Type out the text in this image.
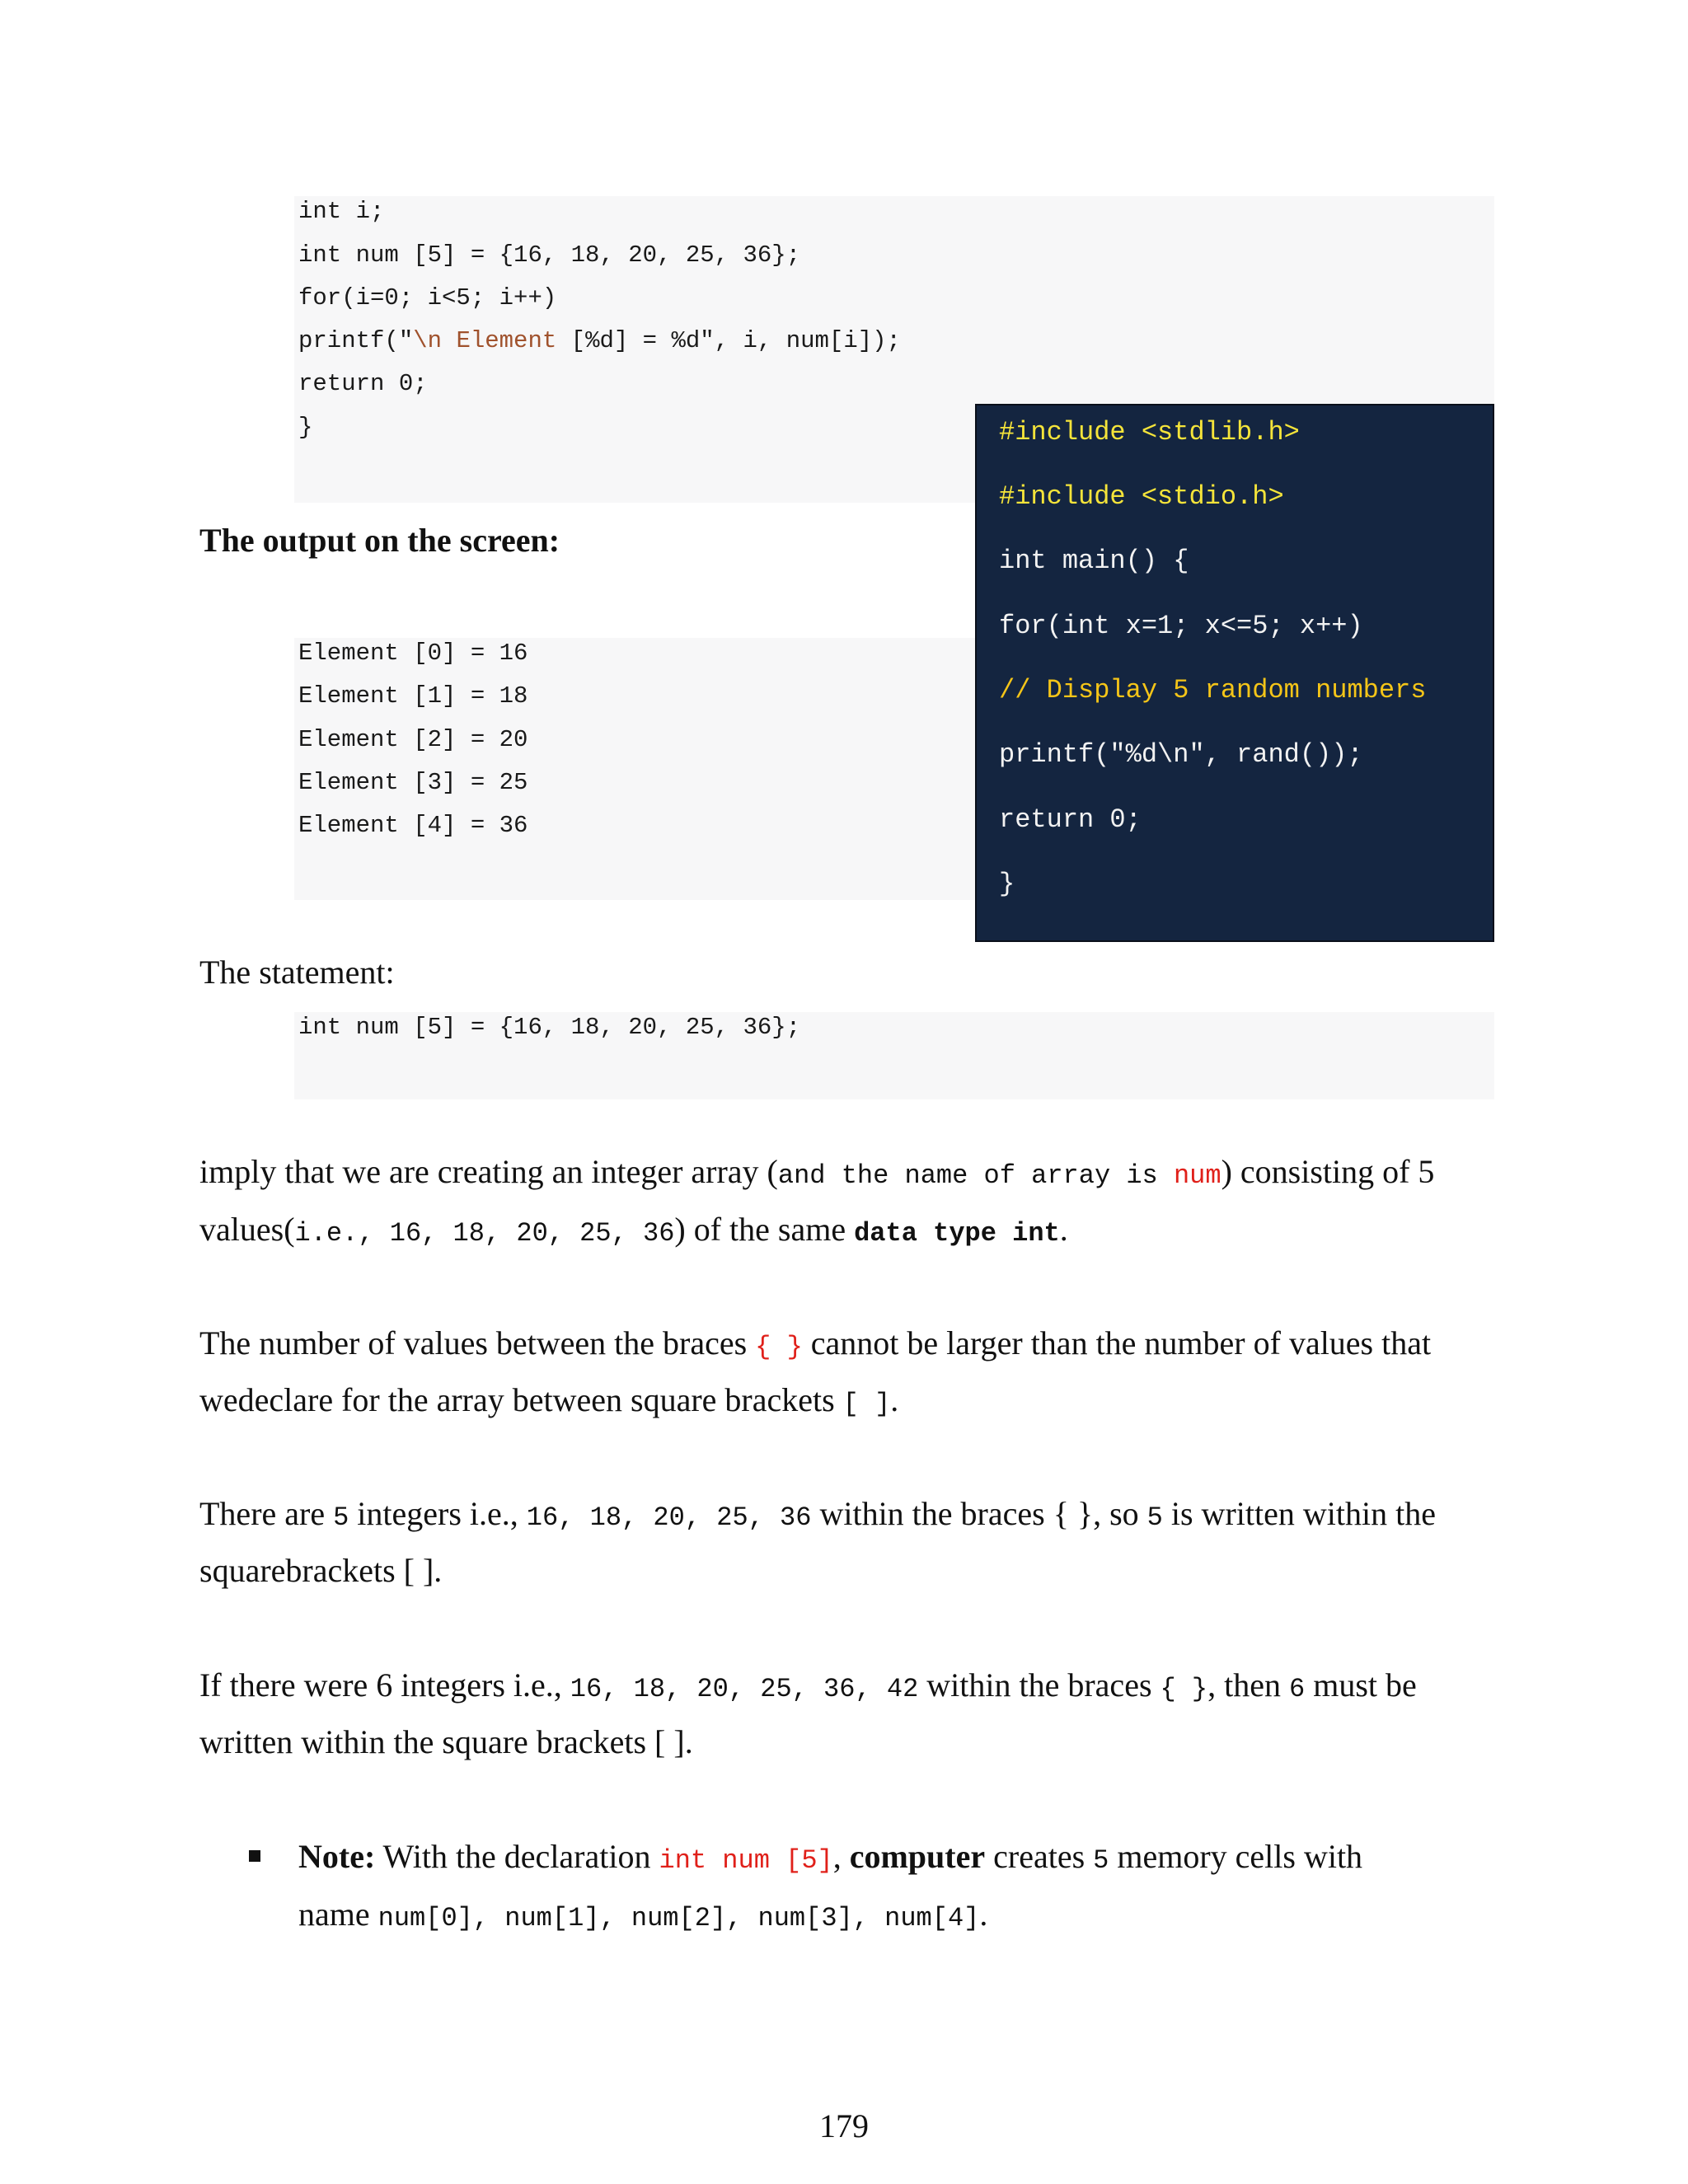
int i;
int num [5] = {16, 18, 20, 25, 36};
for(i=0; i<5; i++)
printf("\n Element [%d] = %d", i, num[i]);
return 0;
}
The output on the screen:
Element [0] = 16
Element [1] = 18
Element [2] = 20
Element [3] = 25
Element [4] = 36
#include <stdlib.h>
#include <stdio.h>
int main() {
for(int x=1; x<=5; x++)
// Display 5 random numbers
printf("%d\n", rand());
return 0;
}
The statement:
int num [5] = {16, 18, 20, 25, 36};
imply that we are creating an integer array (and the name of array is num) consisting of 5
values(i.e., 16, 18, 20, 25, 36) of the same data type int.
The number of values between the braces { } cannot be larger than the number of values that
wedeclare for the array between square brackets [ ].
There are 5 integers i.e., 16, 18, 20, 25, 36 within the braces { }, so 5 is written within the
squarebrackets [ ].
If there were 6 integers i.e., 16, 18, 20, 25, 36, 42 within the braces { }, then 6 must be
written within the square brackets [ ].
Note: With the declaration int num [5], computer creates 5 memory cells with
name num[0], num[1], num[2], num[3], num[4].
179
